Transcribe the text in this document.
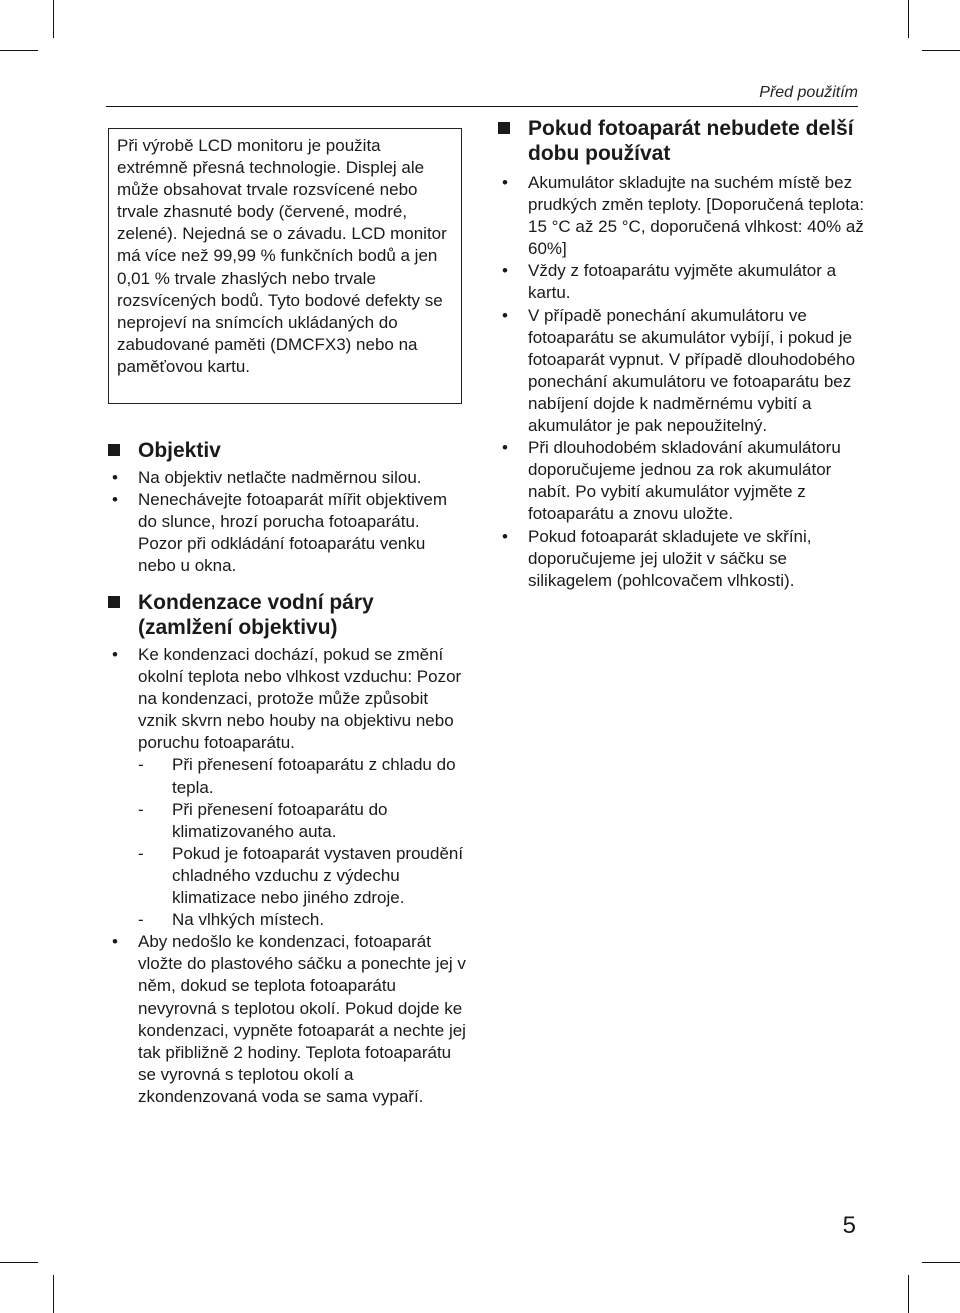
Před použitím

Při výrobě LCD monitoru je použita extrémně přesná technologie. Displej ale může obsahovat trvale rozsvícené nebo trvale zhasnuté body (červené, modré, zelené). Nejedná se o závadu. LCD monitor má více než 99,99 % funkčních bodů a jen 0,01 % trvale zhaslých nebo trvale rozsvícených bodů. Tyto bodové defekty se neprojeví na snímcích ukládaných do zabudované paměti (DMCFX3) nebo na paměťovou kartu.

Objektiv
• Na objektiv netlačte nadměrnou silou.
• Nenechávejte fotoaparát mířit objektivem do slunce, hrozí porucha fotoaparátu. Pozor při odkládání fotoaparátu venku nebo u okna.
Kondenzace vodní páry (zamlžení objektivu)
• Ke kondenzaci dochází, pokud se změní okolní teplota nebo vlhkost vzduchu: Pozor na kondenzaci, protože může způsobit vznik skvrn nebo houby na objektivu nebo poruchu fotoaparátu.
- Při přenesení fotoaparátu z chladu do tepla.
- Při přenesení fotoaparátu do klimatizovaného auta.
- Pokud je fotoaparát vystaven proudění chladného vzduchu z výdechu klimatizace nebo jiného zdroje.
- Na vlhkých místech.
• Aby nedošlo ke kondenzaci, fotoaparát vložte do plastového sáčku a ponechte jej v něm, dokud se teplota fotoaparátu nevyrovná s teplotou okolí. Pokud dojde ke kondenzaci, vypněte fotoaparát a nechte jej tak přibližně 2 hodiny. Teplota fotoaparátu se vyrovná s teplotou okolí a zkondenzovaná voda se sama vypaří.
Pokud fotoaparát nebudete delší dobu používat
• Akumulátor skladujte na suchém místě bez prudkých změn teploty. [Doporučená teplota: 15 °C až 25 °C, doporučená vlhkost: 40% až 60%]
• Vždy z fotoaparátu vyjměte akumulátor a kartu.
• V případě ponechání akumulátoru ve fotoaparátu se akumulátor vybíjí, i pokud je fotoaparát vypnut. V případě dlouhodobého ponechání akumulátoru ve fotoaparátu bez nabíjení dojde k nadměrnému vybití a akumulátor je pak nepoužitelný.
• Při dlouhodobém skladování akumulátoru doporučujeme jednou za rok akumulátor nabít. Po vybití akumulátor vyjměte z fotoaparátu a znovu uložte.
• Pokud fotoaparát skladujete ve skříni, doporučujeme jej uložit v sáčku se silikagelem (pohlcovačem vlhkosti).
5
